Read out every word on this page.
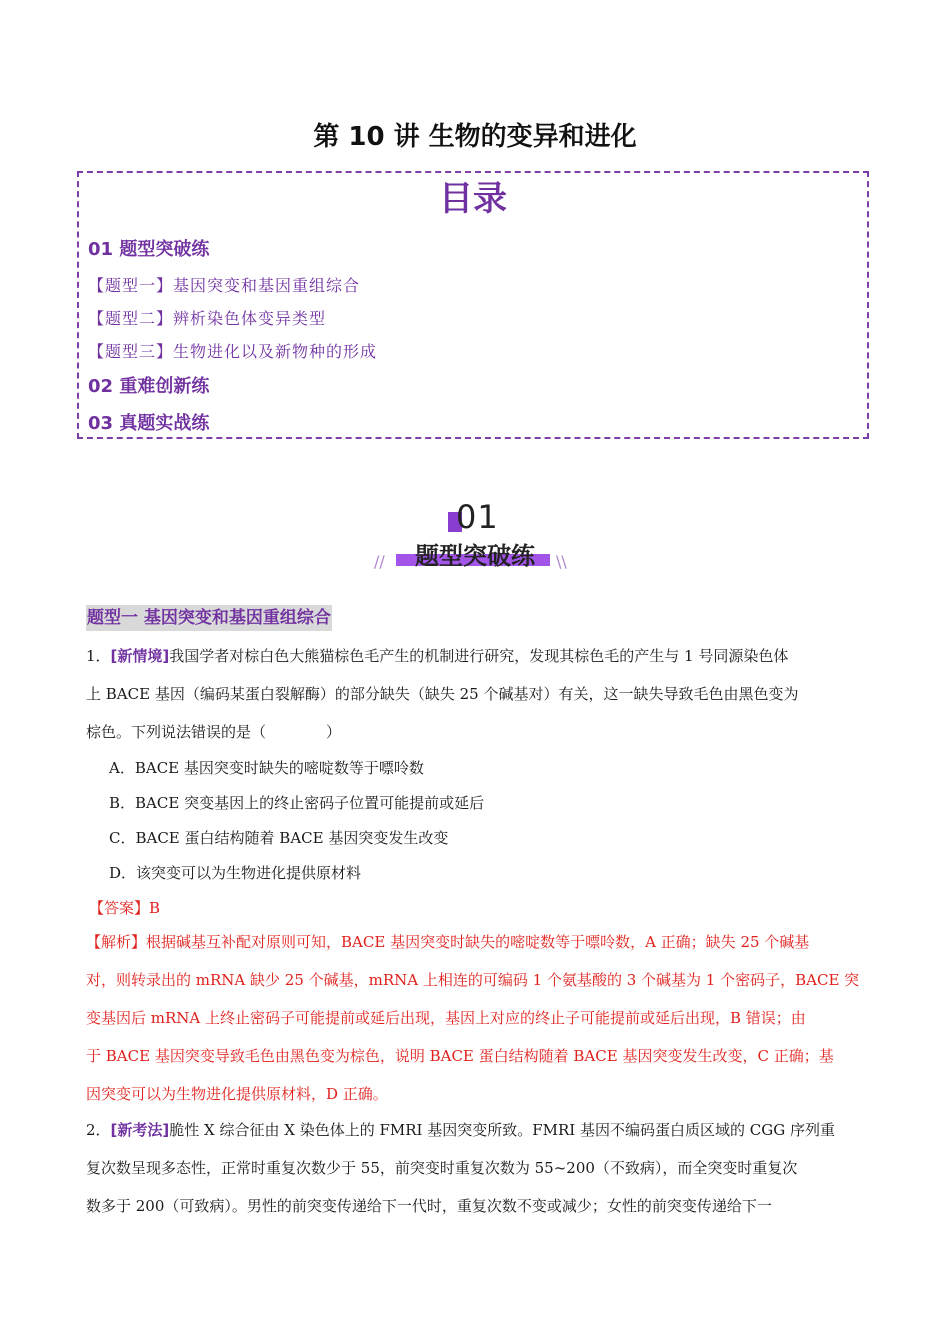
第 10 讲 生物的变异和进化
目录
01 题型突破练
【题型一】基因突变和基因重组综合
【题型二】辨析染色体变异类型
【题型三】生物进化以及新物种的形成
02 重难创新练
03 真题实战练
01
题型突破练
//	\\
题型一 基因突变和基因重组综合
1．[新情境]我国学者对棕白色大熊猫棕色毛产生的机制进行研究，发现其棕色毛的产生与 1 号同源染色体
上 BACE 基因（编码某蛋白裂解酶）的部分缺失（缺失 25 个碱基对）有关，这一缺失导致毛色由黑色变为
棕色。下列说法错误的是（　　　　）
A．BACE 基因突变时缺失的嘧啶数等于嘌呤数
B．BACE 突变基因上的终止密码子位置可能提前或延后
C．BACE 蛋白结构随着 BACE 基因突变发生改变
D．该突变可以为生物进化提供原材料
【答案】B
【解析】根据碱基互补配对原则可知，BACE 基因突变时缺失的嘧啶数等于嘌呤数，A 正确；缺失 25 个碱基
对，则转录出的 mRNA 缺少 25 个碱基，mRNA 上相连的可编码 1 个氨基酸的 3 个碱基为 1 个密码子，BACE 突
变基因后 mRNA 上终止密码子可能提前或延后出现，基因上对应的终止子可能提前或延后出现，B 错误；由
于 BACE 基因突变导致毛色由黑色变为棕色，说明 BACE 蛋白结构随着 BACE 基因突变发生改变，C 正确；基
因突变可以为生物进化提供原材料，D 正确。
2．[新考法]脆性 X 综合征由 X 染色体上的 FMRI 基因突变所致。FMRI 基因不编码蛋白质区域的 CGG 序列重
复次数呈现多态性，正常时重复次数少于 55，前突变时重复次数为 55~200（不致病），而全突变时重复次
数多于 200（可致病）。男性的前突变传递给下一代时，重复次数不变或减少；女性的前突变传递给下一
